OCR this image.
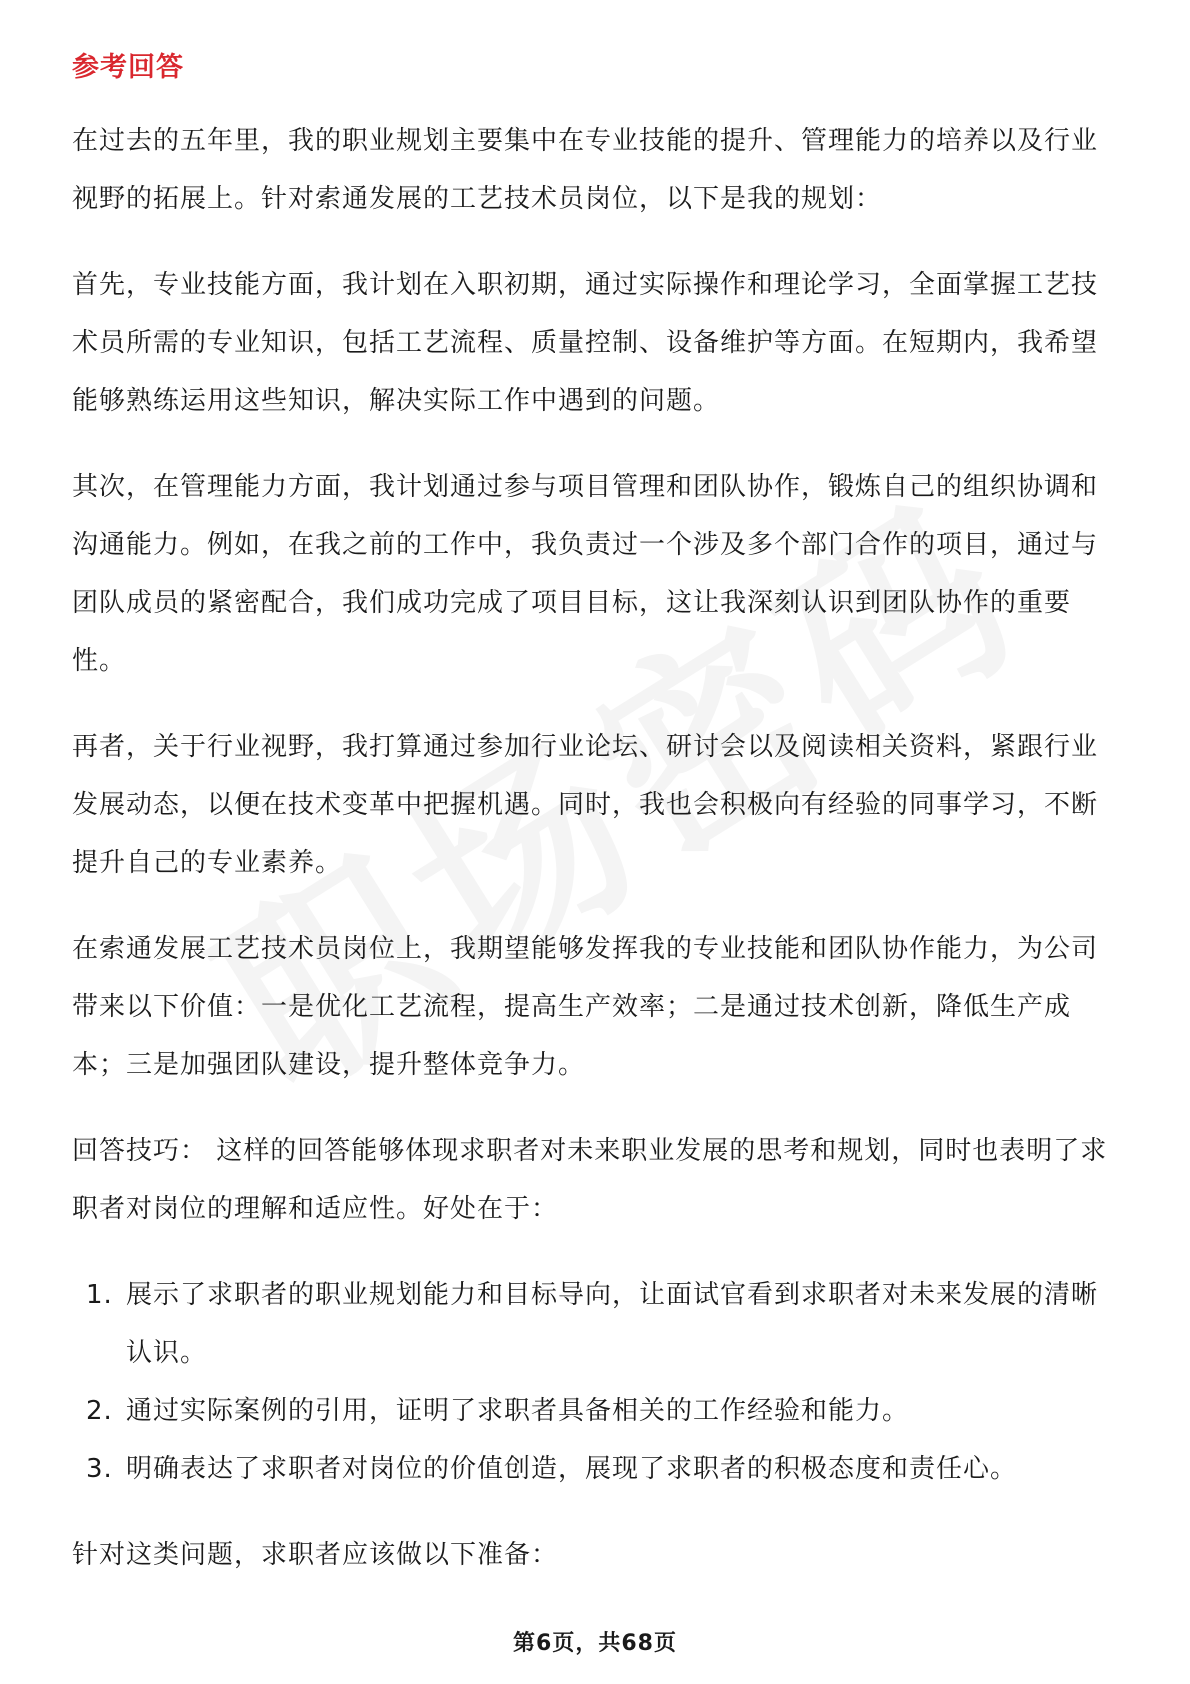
参考回答

在过去的五年里，我的职业规划主要集中在专业技能的提升、管理能力的培养以及行业视野的拓展上。针对索通发展的工艺技术员岗位，以下是我的规划：

首先，专业技能方面，我计划在入职初期，通过实际操作和理论学习，全面掌握工艺技术员所需的专业知识，包括工艺流程、质量控制、设备维护等方面。在短期内，我希望能够熟练运用这些知识，解决实际工作中遇到的问题。

其次，在管理能力方面，我计划通过参与项目管理和团队协作，锻炼自己的组织协调和沟通能力。例如，在我之前的工作中，我负责过一个涉及多个部门合作的项目，通过与团队成员的紧密配合，我们成功完成了项目目标，这让我深刻认识到团队协作的重要性。

再者，关于行业视野，我打算通过参加行业论坛、研讨会以及阅读相关资料，紧跟行业发展动态，以便在技术变革中把握机遇。同时，我也会积极向有经验的同事学习，不断提升自己的专业素养。

在索通发展工艺技术员岗位上，我期望能够发挥我的专业技能和团队协作能力，为公司带来以下价值：一是优化工艺流程，提高生产效率；二是通过技术创新，降低生产成本；三是加强团队建设，提升整体竞争力。

回答技巧： 这样的回答能够体现求职者对未来职业发展的思考和规划，同时也表明了求职者对岗位的理解和适应性。好处在于：

1. 展示了求职者的职业规划能力和目标导向，让面试官看到求职者对未来发展的清晰认识。
2. 通过实际案例的引用，证明了求职者具备相关的工作经验和能力。
3. 明确表达了求职者对岗位的价值创造，展现了求职者的积极态度和责任心。

针对这类问题，求职者应该做以下准备：

第6页，共68页
